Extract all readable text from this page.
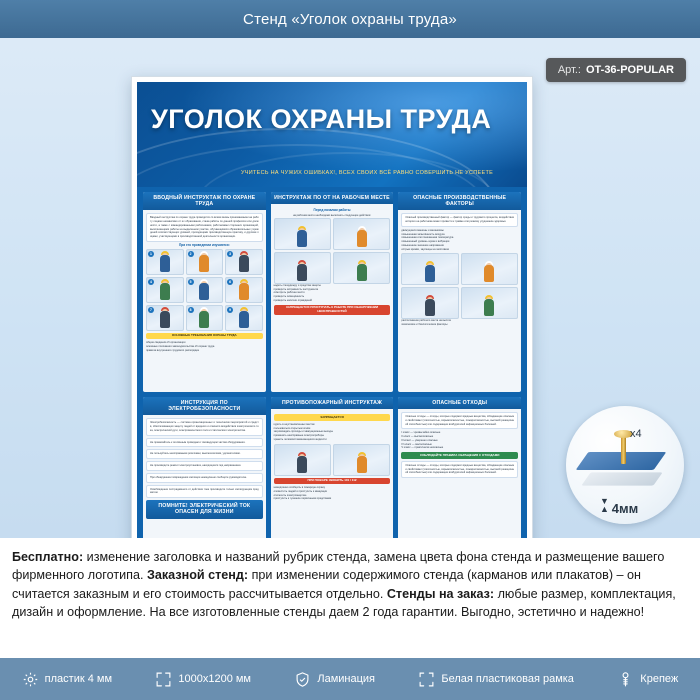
Стенд «Уголок охраны труда»
Арт.: OT-36-POPULAR
УГОЛОК ОХРАНЫ ТРУДА
УЧИТЕСЬ НА ЧУЖИХ ОШИБКАХ!, ВСЕХ СВОИХ ВСЁ РАВНО СОВЕРШИТЬ НЕ УСПЕЕТЕ
ВВОДНЫЙ ИНСТРУКТАЖ ПО ОХРАНЕ ТРУДА
Вводный инструктаж по охране труда проводится со всеми вновь принимаемыми на работу лицами независимо от их образования, стажа работы по данной профессии или должности, а также с командированными работниками, работниками сторонних организаций, выполняющими работы на выделенном участке, обучающимися образовательных учреждений соответствующих уровней, проходящими производственную практику, и другими лицами, участвующими в производственной деятельности организации.
При его проведении изучаются:
1	2	3
4	5	6
7	8	9
ОСНОВНЫЕ ТРЕБОВАНИЯ ОХРАНЫ ТРУДА
общие сведения об организации
основные положения законодательства об охране труда
правила внутреннего трудового распорядка
ИНСТРУКТАЖ ПО ОТ НА РАБОЧЕМ МЕСТЕ
Перед началом работы
на рабочем месте необходимо выполнить следующие действия:
надеть спецодежду и средства защиты
проверить исправность инструмента
осмотреть рабочее место
проверить освещённость
проверить наличие ограждений
ЗАПРЕЩАЕТСЯ ПРИСТУПАТЬ К РАБОТЕ ПРИ ОБНАРУЖЕНИИ НЕИСПРАВНОСТЕЙ
ОПАСНЫЕ ПРОИЗВОДСТВЕННЫЕ ФАКТОРЫ
Опасный производственный фактор — фактор среды и трудового процесса, воздействие которого на работника может привести к травме или резкому ухудшению здоровья.
движущиеся машины и механизмы
повышенная запылённость воздуха
повышенная или пониженная температура
повышенный уровень шума и вибрации
повышенное значение напряжения
острые кромки, заусенцы на заготовках
расположение рабочего места на высоте
химические и биологические факторы
ИНСТРУКЦИЯ ПО ЭЛЕКТРОБЕЗОПАСНОСТИ
Электробезопасность — система организационных и технических мероприятий и средств, обеспечивающих защиту людей от вредного и опасного воздействия электрического тока, электрической дуги, электромагнитного поля и статического электричества.
Не прикасайтесь к оголённым проводам и токоведущим частям оборудования.
Не пользуйтесь неисправными розетками, выключателями, удлинителями.
Не производите ремонт электроустановок, находящихся под напряжением.
При обнаружении повреждения изоляции немедленно сообщите руководителю.
Освобождение пострадавшего от действия тока производите только изолирующим предметом.
ПОМНИТЕ! ЭЛЕКТРИЧЕСКИЙ ТОК ОПАСЕН ДЛЯ ЖИЗНИ
ПРОТИВОПОЖАРНЫЙ ИНСТРУКТАЖ
ЗАПРЕЩАЕТСЯ
курить в неустановленных местах
пользоваться открытым огнём
загромождать проходы и эвакуационные выходы
применять неисправные электроприборы
хранить легковоспламеняющиеся жидкости
ПРИ ПОЖАРЕ ЗВОНИТЬ 101 / 112
немедленно сообщить в пожарную охрану
оповестить людей и приступить к эвакуации
отключить электроэнергию
приступить к тушению первичными средствами
ОПАСНЫЕ ОТХОДЫ
Опасные отходы — отходы, которые содержат вредные вещества, обладающие опасными свойствами (токсичностью, взрывоопасностью, пожароопасностью, высокой реакционной способностью) или содержащие возбудителей инфекционных болезней.
I класс — чрезвычайно опасные
II класс — высокоопасные
III класс — умеренно опасные
IV класс — малоопасные
V класс — практически неопасные
СОБЛЮДАЙТЕ ПРАВИЛА ОБРАЩЕНИЯ С ОТХОДАМИ
Опасные отходы — отходы, которые содержат вредные вещества, обладающие опасными свойствами (токсичностью, взрывоопасностью, пожароопасностью, высокой реакционной способностью) или содержащие возбудителей инфекционных болезней.
x4
▼
▲ 4мм
Бесплатно: изменение заголовка и названий рубрик стенда, замена цвета фона стенда и размещение вашего фирменного логотипа. Заказной стенд: при изменении содержимого стенда (карманов или плакатов) – он считается заказным и его стоимость рассчитывается отдельно. Стенды на заказ: любые размер, комплектация, дизайн и оформление. На все изготовленные стенды даем 2 года гарантии. Выгодно, эстетично и надежно!
пластик 4 мм	1000x1200 мм	Ламинация	Белая пластиковая рамка	Крепеж
